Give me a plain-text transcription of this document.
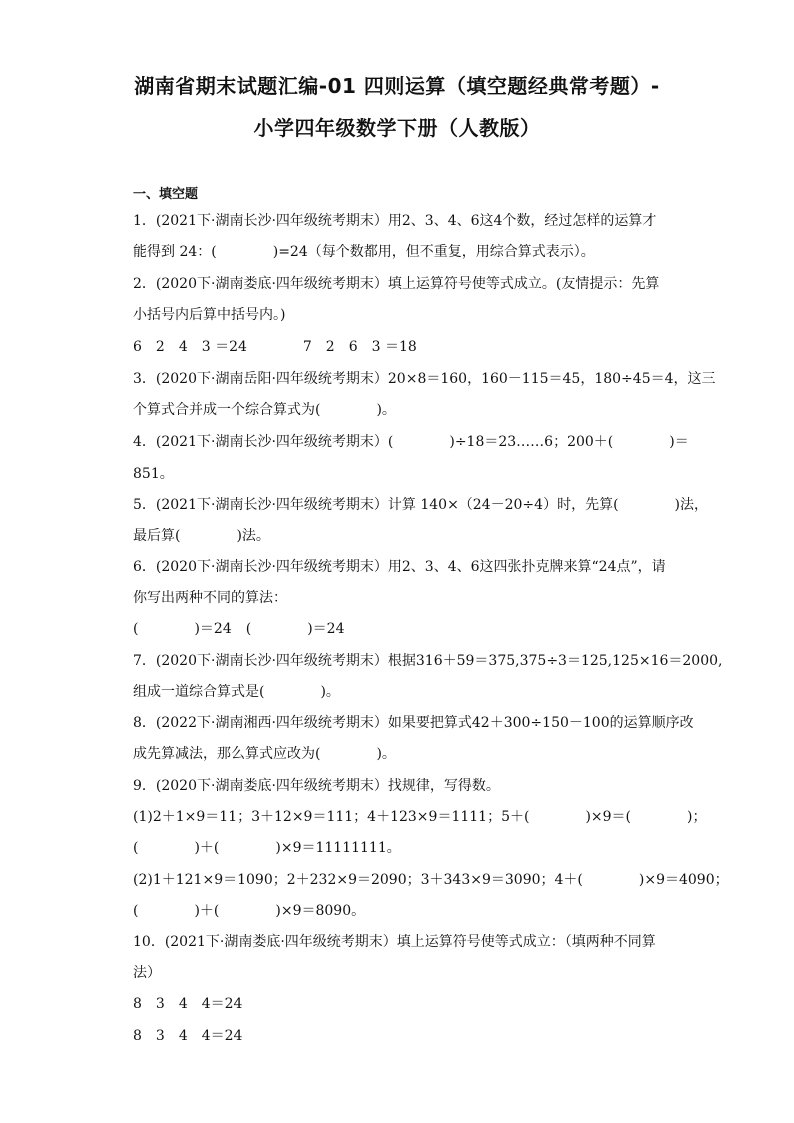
湖南省期末试题汇编-01 四则运算（填空题经典常考题）-
小学四年级数学下册（人教版）
一、填空题
1．(2021下·湖南长沙·四年级统考期末）用2、3、4、6这4个数，经过怎样的运算才
能得到 24：(　　　　)=24（每个数都用，但不重复，用综合算式表示）。
2．(2020下·湖南娄底·四年级统考期末）填上运算符号使等式成立。(友情提示：先算
小括号内后算中括号内。)
6　2　4　3 ＝24　　　　7　2　6　3 ＝18
3．(2020下·湖南岳阳·四年级统考期末）20×8＝160，160－115＝45，180÷45＝4，这三
个算式合并成一个综合算式为(　　　　)。
4．(2021下·湖南长沙·四年级统考期末）(　　　　)÷18＝23……6；200＋(　　　　)＝
851。
5．(2021下·湖南长沙·四年级统考期末）计算 140×（24－20÷4）时，先算(　　　　)法，
最后算(　　　　)法。
6．(2020下·湖南长沙·四年级统考期末）用2、3、4、6这四张扑克牌来算“24点”，请
你写出两种不同的算法：
(　　　　)＝24　(　　　　)＝24
7．(2020下·湖南长沙·四年级统考期末）根据316＋59＝375,375÷3＝125,125×16＝2000,
组成一道综合算式是(　　　　)。
8．(2022下·湖南湘西·四年级统考期末）如果要把算式42＋300÷150－100的运算顺序改
成先算减法，那么算式应改为(　　　　)。
9．(2020下·湖南娄底·四年级统考期末）找规律，写得数。
(1)2＋1×9＝11；3＋12×9＝111；4＋123×9＝1111；5＋(　　　　)×9＝(　　　　)；
(　　　　)＋(　　　　)×9＝11111111。
(2)1＋121×9＝1090；2＋232×9＝2090；3＋343×9＝3090；4＋(　　　　)×9＝4090；
(　　　　)＋(　　　　)×9＝8090。
10．(2021下·湖南娄底·四年级统考期末）填上运算符号使等式成立：（填两种不同算
法）
8　3　4　4＝24
8　3　4　4＝24
